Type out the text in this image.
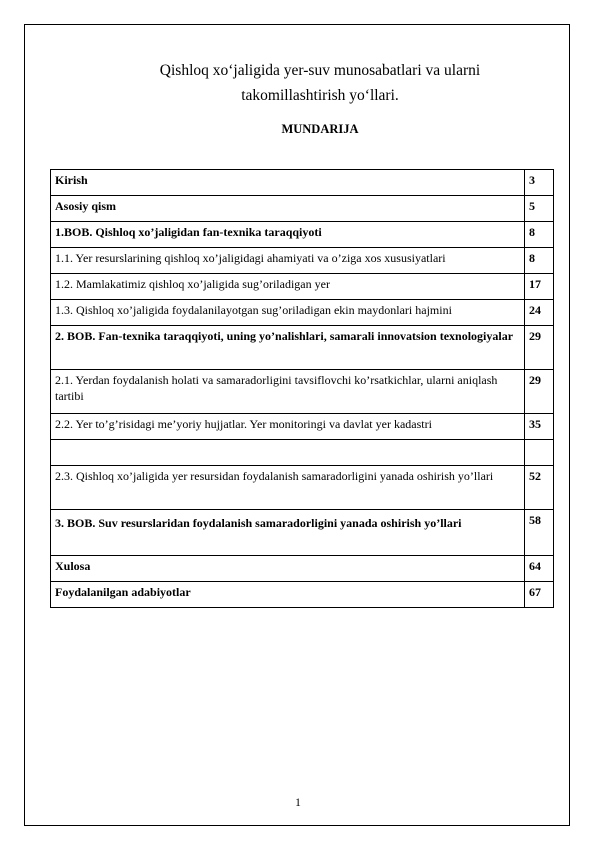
Qishloq xo‘jaligida yer-suv munosabatlari va ularni
takomillashtirish yo‘llari.
MUNDARIJA
Kirish	3
Asosiy qism	5
1.BOB. Qishloq xo’jaligidan fan-texnika taraqqiyoti	8
1.1. Yer resurslarining qishloq xo’jaligidagi ahamiyati va o’ziga xos xususiyatlari	8
1.2. Mamlakatimiz qishloq xo’jaligida sug’oriladigan yer	17
1.3. Qishloq xo’jaligida foydalanilayotgan sug’oriladigan ekin maydonlari hajmini	24
2. BOB. Fan-texnika taraqqiyoti, uning yo’nalishlari, samarali innovatsion texnologiyalar	29
2.1. Yerdan foydalanish holati va samaradorligini tavsiflovchi ko’rsatkichlar, ularni aniqlash tartibi	29
2.2. Yer to’g’risidagi me’yoriy hujjatlar. Yer monitoringi va davlat yer kadastri	35

2.3. Qishloq xo’jaligida yer resursidan foydalanish samaradorligini yanada oshirish yo’llari	52
3. BOB. Suv resurslaridan foydalanish samaradorligini yanada oshirish yo’llari	58
Xulosa	64
Foydalanilgan adabiyotlar	67
1
